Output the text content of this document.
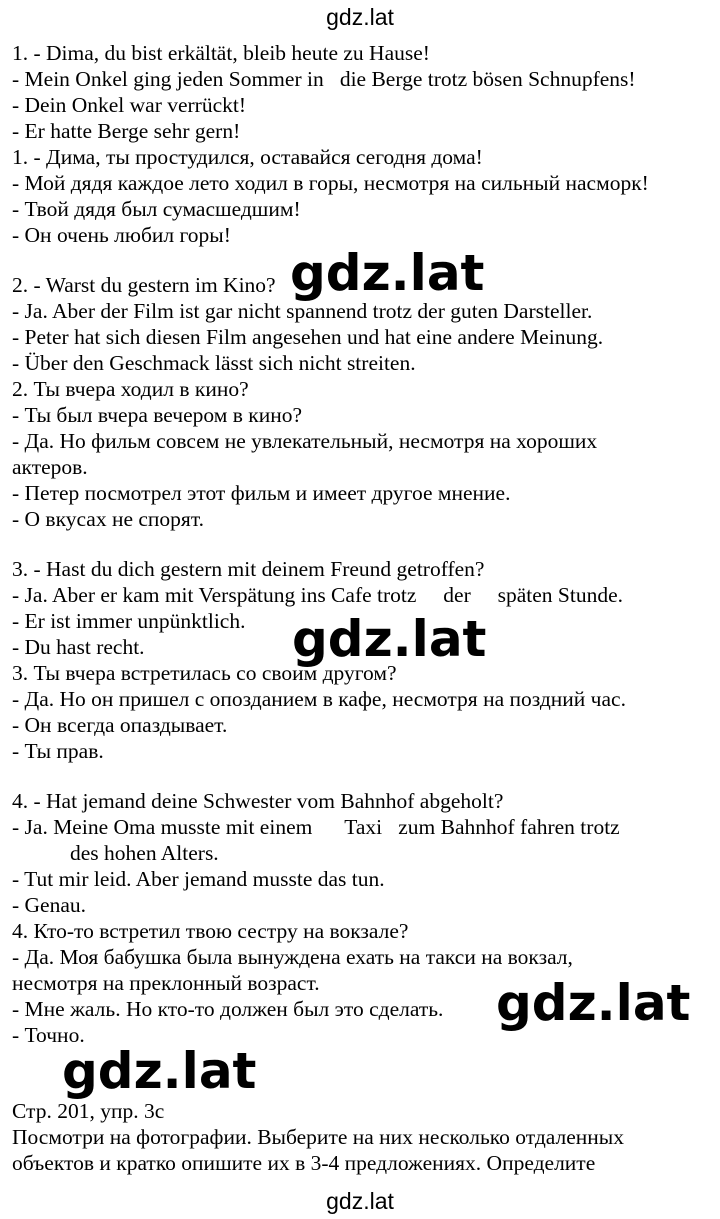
gdz.lat
1. - Dima, du bist erkältät, bleib heute zu Hause!
- Mein Onkel ging jeden Sommer in   die Berge trotz bösen Schnupfens!
- Dein Onkel war verrückt!
- Er hatte Berge sehr gern!
1. - Дима, ты простудился, оставайся сегодня дома!
- Мой дядя каждое лето ходил в горы, несмотря на сильный насморк!
- Твой дядя был сумасшедшим!
- Он очень любил горы!
2. - Warst du gestern im Kino?
- Ja. Aber der Film ist gar nicht spannend trotz der guten Darsteller.
- Peter hat sich diesen Film angesehen und hat eine andere Meinung.
- Über den Geschmack lässt sich nicht streiten.
2. Ты вчера ходил в кино?
- Ты был вчера вечером в кино?
- Да. Но фильм совсем не увлекательный, несмотря на хороших
актеров.
- Петер посмотрел этот фильм и имеет другое мнение.
- О вкусах не спорят.
3. - Hast du dich gestern mit deinem Freund getroffen?
- Ja. Aber er kam mit Verspätung ins Cafe trotz     der     späten Stunde.
- Er ist immer unpünktlich.
- Du hast recht.
3. Ты вчера встретилась со своим другом?
- Да. Но он пришел с опозданием в кафе, несмотря на поздний час.
- Он всегда опаздывает.
- Ты прав.
4. - Hat jemand deine Schwester vom Bahnhof abgeholt?
- Ja. Meine Oma musste mit einem      Taxi   zum Bahnhof fahren trotz
des hohen Alters.
- Tut mir leid. Aber jemand musste das tun.
- Genau.
4. Кто-то встретил твою сестру на вокзале?
- Да. Моя бабушка была вынуждена ехать на такси на вокзал,
несмотря на преклонный возраст.
- Мне жаль. Но кто-то должен был это сделать.
- Точно.
Стр. 201, упр. 3с
Посмотри на фотографии. Выберите на них несколько отдаленных
объектов и кратко опишите их в 3-4 предложениях. Определите
gdz.lat
gdz.lat
gdz.lat
gdz.lat
gdz.lat
